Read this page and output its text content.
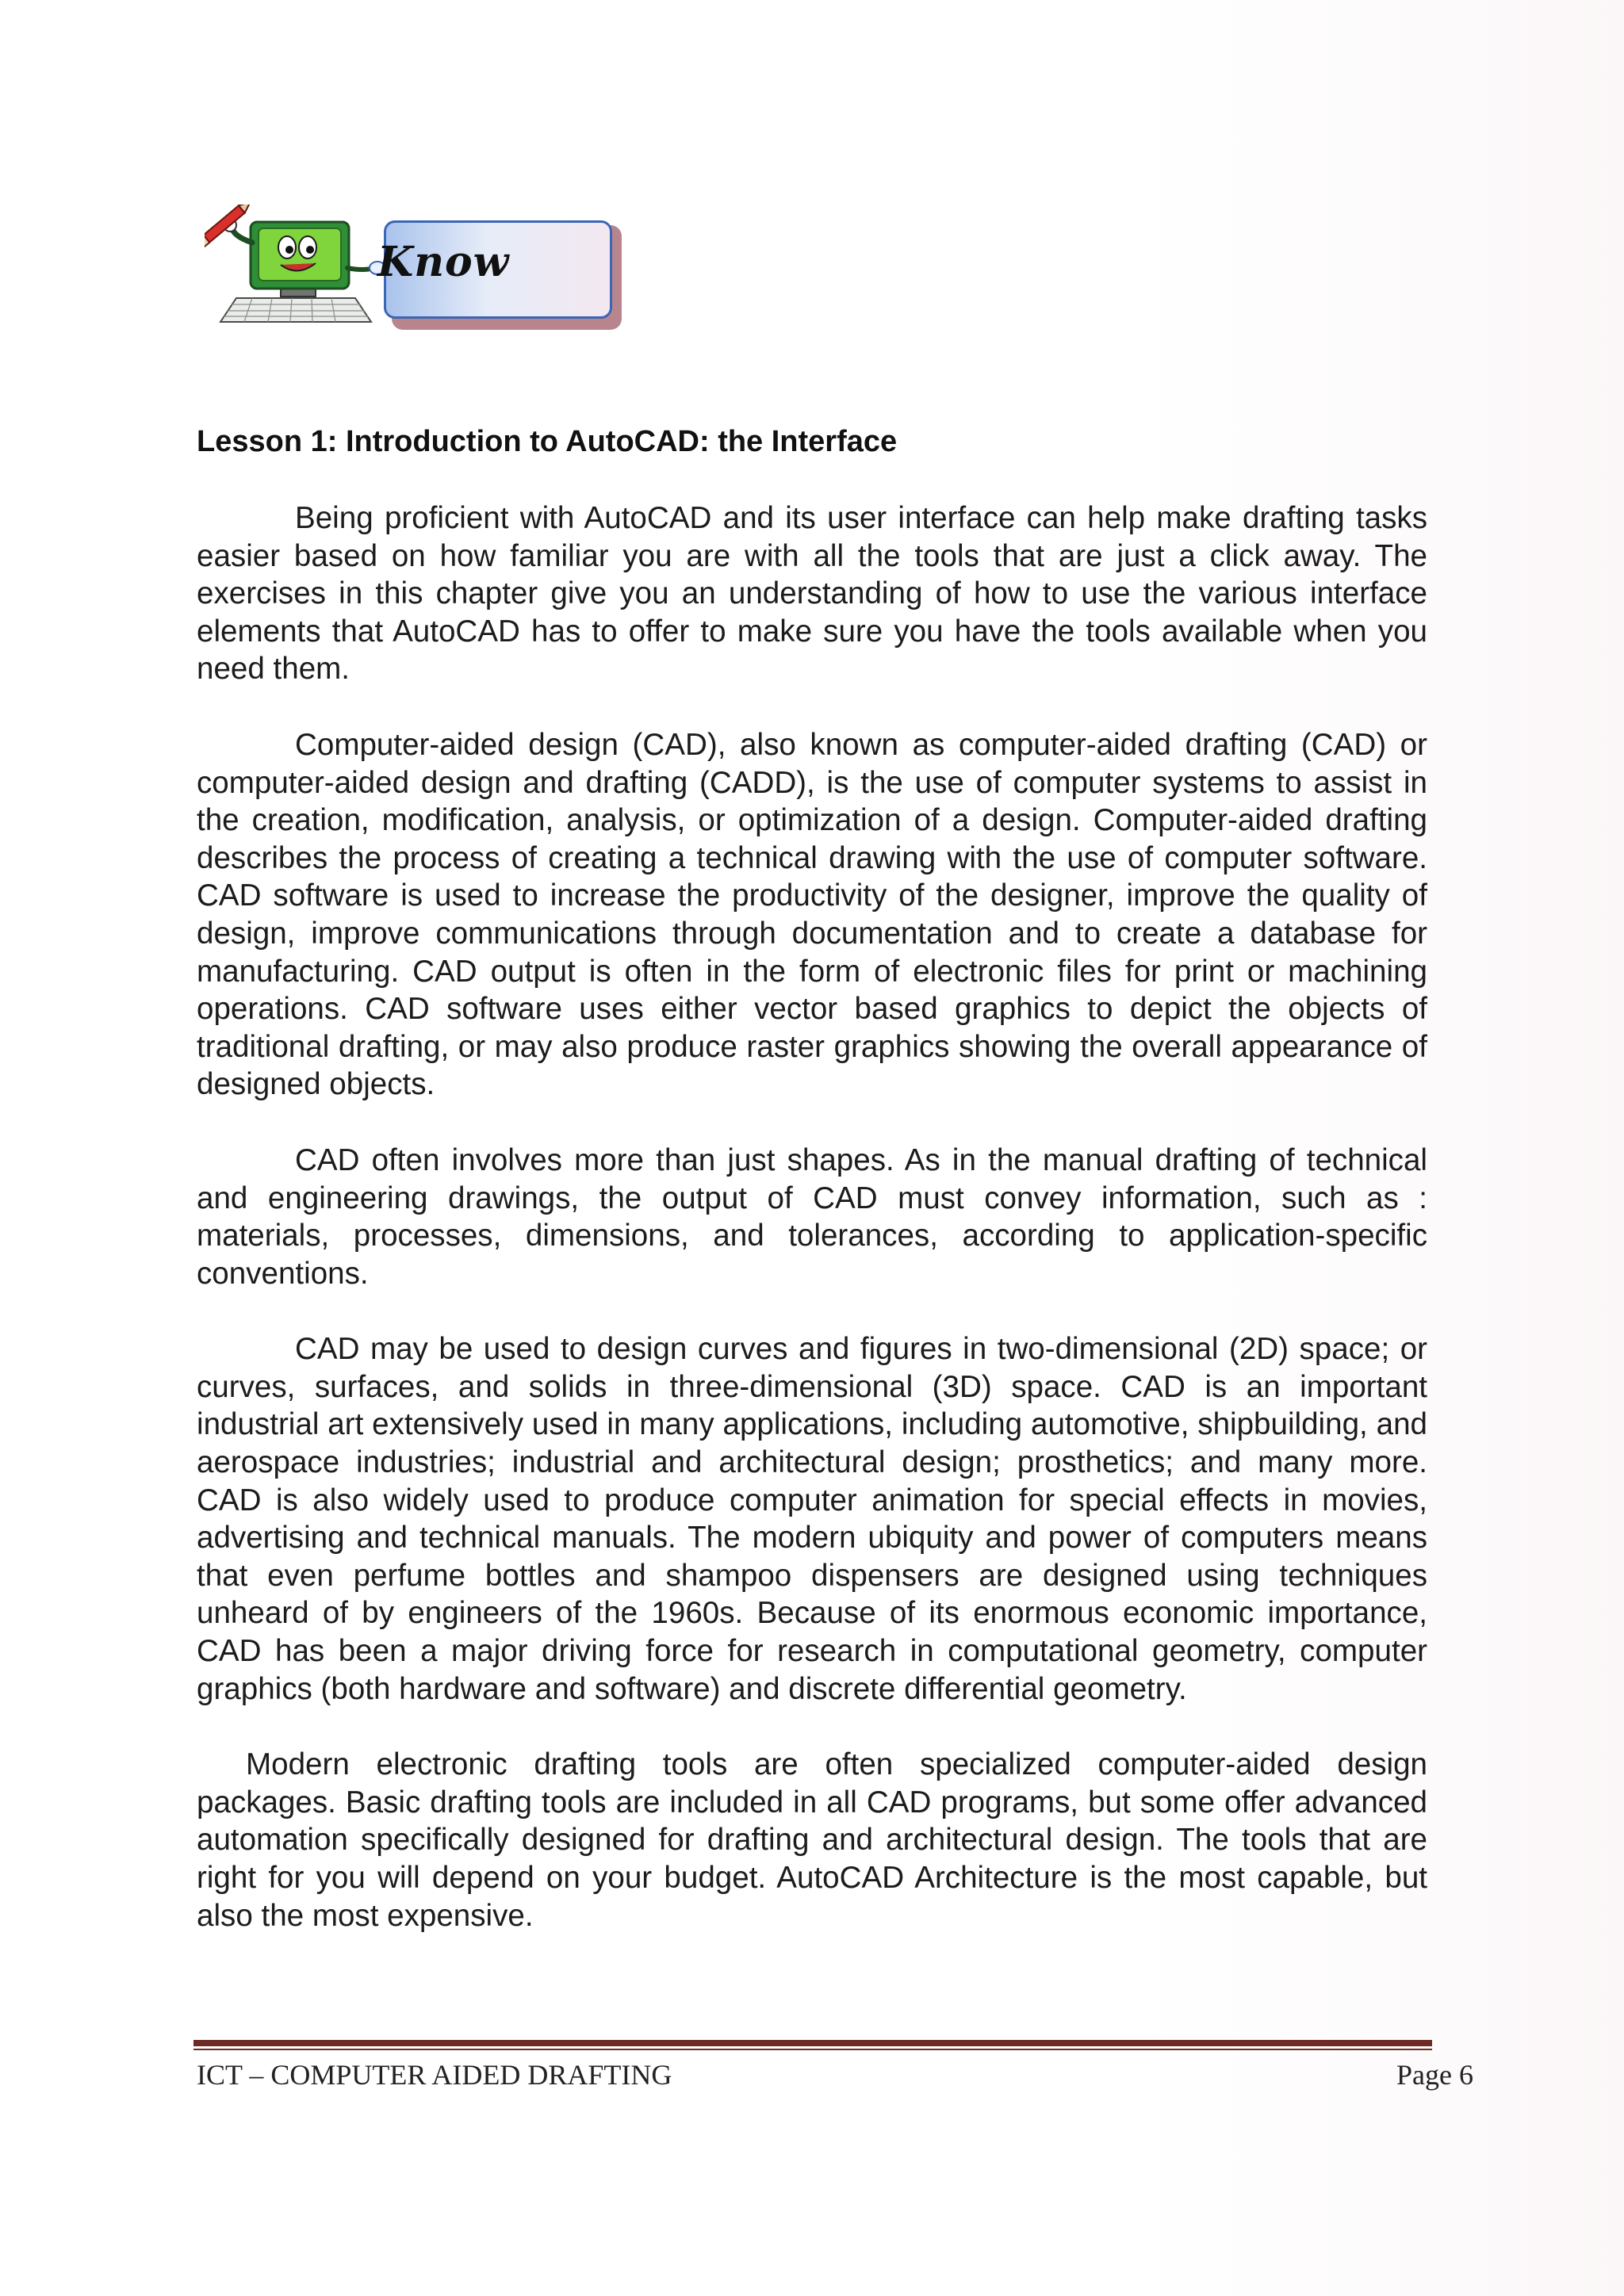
Know
Lesson 1: Introduction to AutoCAD: the Interface

Being proficient with AutoCAD and its user interface can help make drafting tasks easier based on how familiar you are with all the tools that are just a click away. The exercises in this chapter give you an understanding of how to use the various interface elements that AutoCAD has to offer to make sure you have the tools available when you need them.

Computer-aided design (CAD), also known as computer-aided drafting (CAD) or computer-aided design and drafting (CADD), is the use of computer systems to assist in the creation, modification, analysis, or optimization of a design. Computer-aided drafting describes the process of creating a technical drawing with the use of computer software. CAD software is used to increase the productivity of the designer, improve the quality of design, improve communications through documentation and to create a database for manufacturing. CAD output is often in the form of electronic files for print or machining operations. CAD software uses either vector based graphics to depict the objects of traditional drafting, or may also produce raster graphics showing the overall appearance of designed objects.

CAD often involves more than just shapes. As in the manual drafting of technical and engineering drawings, the output of CAD must convey information, such as : materials, processes, dimensions, and tolerances, according to application-specific conventions.

CAD may be used to design curves and figures in two-dimensional (2D) space; or curves, surfaces, and solids in three-dimensional (3D) space. CAD is an important industrial art extensively used in many applications, including automotive, shipbuilding, and aerospace industries; industrial and architectural design; prosthetics; and many more. CAD is also widely used to produce computer animation for special effects in movies, advertising and technical manuals. The modern ubiquity and power of computers means that even perfume bottles and shampoo dispensers are designed using techniques unheard of by engineers of the 1960s. Because of its enormous economic importance, CAD has been a major driving force for research in computational geometry, computer graphics (both hardware and software) and discrete differential geometry.

Modern electronic drafting tools are often specialized computer-aided design packages. Basic drafting tools are included in all CAD programs, but some offer advanced automation specifically designed for drafting and architectural design. The tools that are right for you will depend on your budget. AutoCAD Architecture is the most capable, but also the most expensive.

ICT – COMPUTER AIDED DRAFTING	Page 6
